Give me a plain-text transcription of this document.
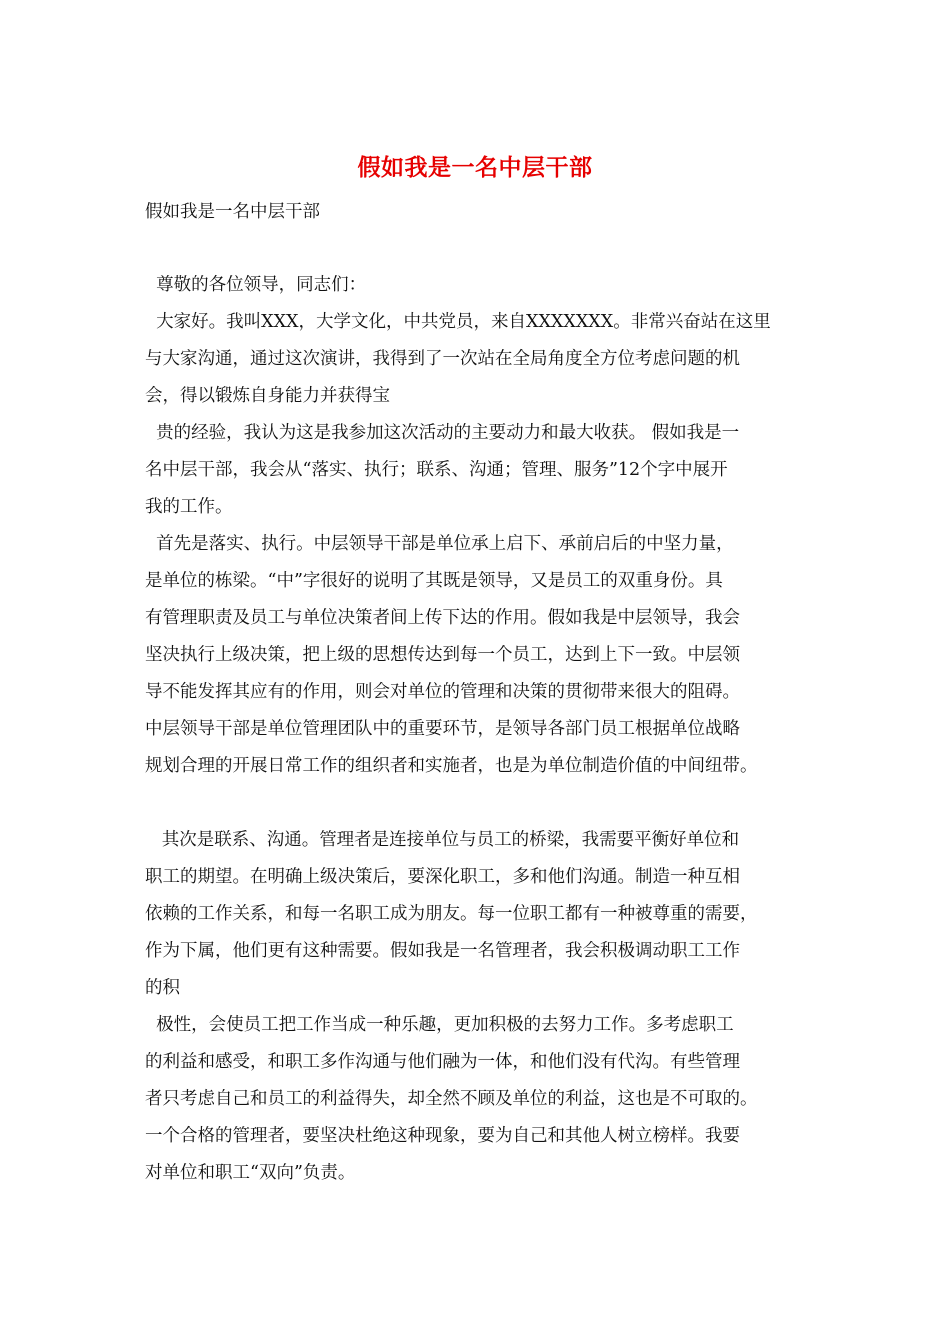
假如我是一名中层干部
假如我是一名中层干部
尊敬的各位领导，同志们：
大家好。我叫XXX，大学文化，中共党员，来自XXXXXXX。非常兴奋站在这里
与大家沟通，通过这次演讲，我得到了一次站在全局角度全方位考虑问题的机
会，得以锻炼自身能力并获得宝
贵的经验，我认为这是我参加这次活动的主要动力和最大收获。 假如我是一
名中层干部，我会从“落实、执行；联系、沟通；管理、服务”12个字中展开
我的工作。
首先是落实、执行。中层领导干部是单位承上启下、承前启后的中坚力量，
是单位的栋梁。“中”字很好的说明了其既是领导，又是员工的双重身份。具
有管理职责及员工与单位决策者间上传下达的作用。假如我是中层领导，我会
坚决执行上级决策，把上级的思想传达到每一个员工，达到上下一致。中层领
导不能发挥其应有的作用，则会对单位的管理和决策的贯彻带来很大的阻碍。
中层领导干部是单位管理团队中的重要环节，是领导各部门员工根据单位战略
规划合理的开展日常工作的组织者和实施者，也是为单位制造价值的中间纽带。
其次是联系、沟通。管理者是连接单位与员工的桥梁，我需要平衡好单位和
职工的期望。在明确上级决策后，要深化职工，多和他们沟通。制造一种互相
依赖的工作关系，和每一名职工成为朋友。每一位职工都有一种被尊重的需要，
作为下属，他们更有这种需要。假如我是一名管理者，我会积极调动职工工作
的积
极性，会使员工把工作当成一种乐趣，更加积极的去努力工作。多考虑职工
的利益和感受，和职工多作沟通与他们融为一体，和他们没有代沟。有些管理
者只考虑自己和员工的利益得失，却全然不顾及单位的利益，这也是不可取的。
一个合格的管理者，要坚决杜绝这种现象，要为自己和其他人树立榜样。我要
对单位和职工“双向”负责。
